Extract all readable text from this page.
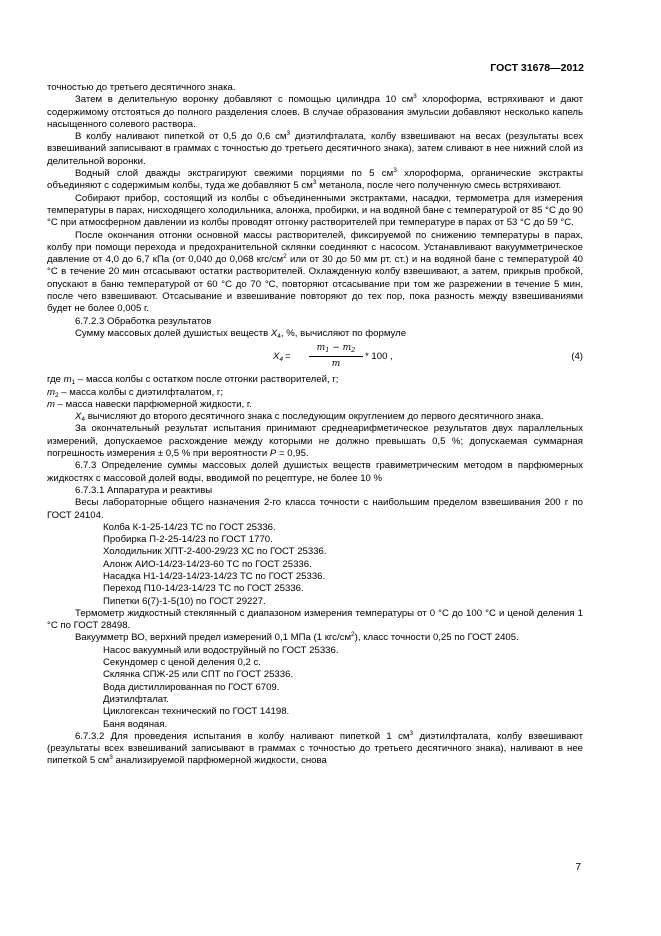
ГОСТ 31678—2012

точностью до третьего десятичного знака.

Затем в делительную воронку добавляют с помощью цилиндра 10 $см^3$ хлороформа, встряхивают и дают содержимому отстояться до полного разделения слоев. В случае образования эмульсии добавляют несколько капель насыщенного солевого раствора.

В колбу наливают пипеткой от 0,5 до 0,6 $см^3$ диэтилфталата, колбу взвешивают на весах (результаты всех взвешиваний записывают в граммах с точностью до третьего десятичного знака), затем сливают в нее нижний слой из делительной воронки.

Водный слой дважды экстрагируют свежими порциями по 5 $см^3$ хлороформа, органические экстракты объединяют с содержимым колбы, туда же добавляют 5 $см^3$ метанола, после чего полученную смесь встряхивают.

Собирают прибор, состоящий из колбы с объединенными экстрактами, насадки, термометра для измерения температуры в парах, нисходящего холодильника, алонжа, пробирки, и на водяной бане с температурой от 85 °С до 90 °С при атмосферном давлении из колбы проводят отгонку растворителей при температуре в парах от 53 °С до 59 °С.

После окончания отгонки основной массы растворителей, фиксируемой по снижению температуры в парах, колбу при помощи перехода и предохранительной склянки соединяют с насосом. Устанавливают вакуумметрическое давление от 4,0 до 6,7 кПа (от 0,040 до 0,068 кгс/$см^2$ или от 30 до 50 мм рт. ст.) и на водяной бане с температурой 40 °С в течение 20 мин отсасывают остатки растворителей. Охлажденную колбу взвешивают, а затем, прикрыв пробкой, опускают в баню температурой от 60 °С до 70 °С, повторяют отсасывание при том же разрежении в течение 5 мин, после чего взвешивают. Отсасывание и взвешивание повторяют до тех пор, пока разность между взвешиваниями будет не более 0,005 г.

6.7.2.3 Обработка результатов

Сумму массовых долей душистых веществ $X_4$, %, вычисляют по формуле

$X_4 = \frac{m_1 - m_2}{m} * 100$ ,	(4)

где $m_1$ – масса колбы с остатком после отгонки растворителей, г;

$m_2$ – масса колбы с диэтилфталатом, г;

m – масса навески парфюмерной жидкости, г.

$X_4$ вычисляют до второго десятичного знака с последующим округлением до первого десятичного знака.

За окончательный результат испытания принимают среднеарифметическое результатов двух параллельных измерений, допускаемое расхождение между которыми не должно превышать 0,5 %; допускаемая суммарная погрешность измерения ± 0,5 % при вероятности P = 0,95.

6.7.3 Определение суммы массовых долей душистых веществ гравиметрическим методом в парфюмерных жидкостях с массовой долей воды, вводимой по рецептуре, не более 10 %

6.7.3.1 Аппаратура и реактивы

Весы лабораторные общего назначения 2-го класса точности с наибольшим пределом взвешивания 200 г по ГОСТ 24104.

Колба К-1-25-14/23 ТС по ГОСТ 25336.

Пробирка П-2-25-14/23 по ГОСТ 1770.

Холодильник ХПТ-2-400-29/23 ХС по ГОСТ 25336.

Алонж АИО-14/23-14/23-60 ТС по ГОСТ 25336.

Насадка Н1-14/23-14/23-14/23 ТС по ГОСТ 25336.

Переход П10-14/23-14/23 ТС по ГОСТ 25336.

Пипетки 6(7)-1-5(10) по ГОСТ 29227.

Термометр жидкостный стеклянный с диапазоном измерения температуры от 0 °С до 100 °С и ценой деления 1 °С по ГОСТ 28498.

Вакуумметр ВО, верхний предел измерений 0,1 МПа (1 кгс/$см^2$), класс точности 0,25 по ГОСТ 2405.

Насос вакуумный или водоструйный по ГОСТ 25336.

Секундомер с ценой деления 0,2 с.

Склянка СПЖ-25 или СПТ по ГОСТ 25336.

Вода дистиллированная по ГОСТ 6709.

Диэтилфталат.

Циклогексан технический по ГОСТ 14198.

Баня водяная.

6.7.3.2 Для проведения испытания в колбу наливают пипеткой 1 $см^3$ диэтилфталата, колбу взвешивают (результаты всех взвешиваний записывают в граммах с точностью до третьего десятичного знака), наливают в нее пипеткой 5 $см^3$ анализируемой парфюмерной жидкости, снова

7
